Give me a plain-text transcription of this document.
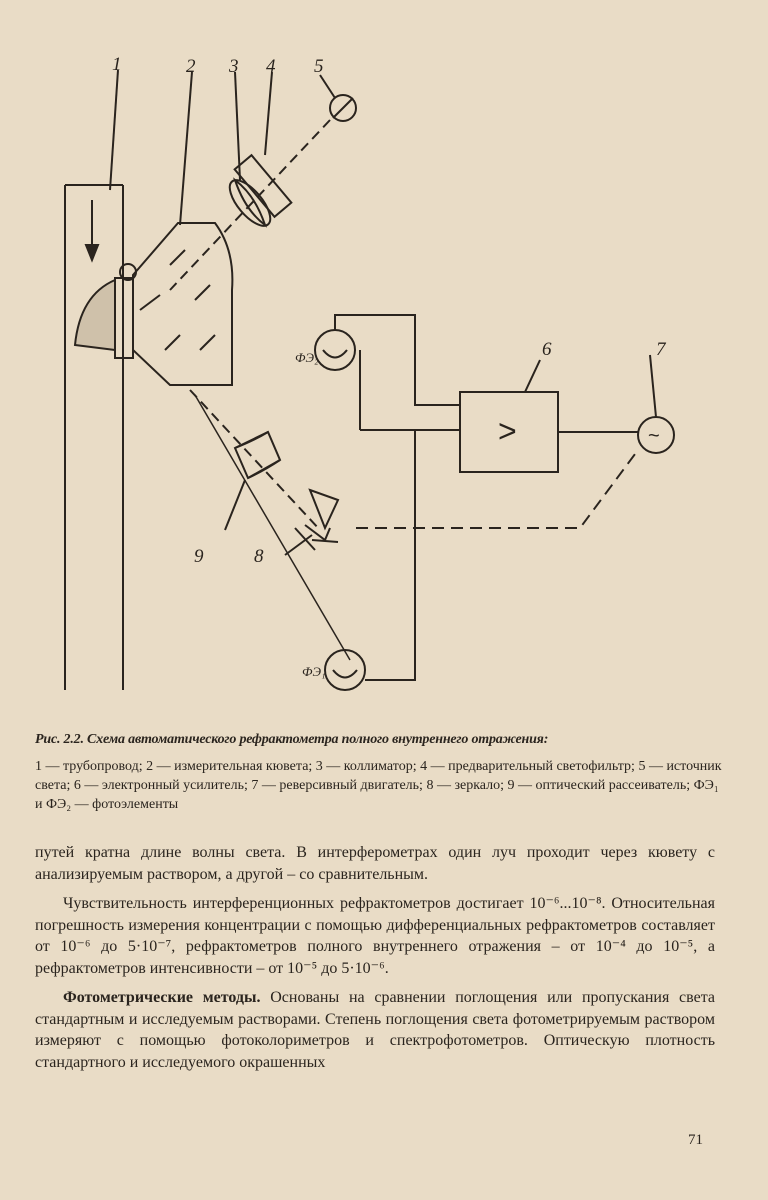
1	2 3 4 5
6	7
8
9
ФЭ₂
ФЭ₁
>	~
Рис. 2.2. Схема автоматического рефрактометра полного внутреннего отражения:
1 — трубопровод; 2 — измерительная кювета; 3 — коллиматор; 4 — предварительный светофильтр; 5 — источник света; 6 — электронный усилитель; 7 — реверсивный двигатель; 8 — зеркало; 9 — оптический рассеиватель; ФЭ₁ и ФЭ₂ — фотоэлементы

путей кратна длине волны света. В интерферометрах один луч проходит через кювету с анализируемым раствором, а другой – со сравнительным.

Чувствительность интерференционных рефрактометров достигает 10⁻⁶...10⁻⁸. Относительная погрешность измерения концентрации с помощью дифференциальных рефрактометров составляет от 10⁻⁶ до 5·10⁻⁷, рефрактометров полного внутреннего отражения – от 10⁻⁴ до 10⁻⁵, а рефрактометров интенсивности – от 10⁻⁵ до 5·10⁻⁶.

Фотометрические методы. Основаны на сравнении поглощения или пропускания света стандартным и исследуемым растворами. Степень поглощения света фотометрируемым раствором измеряют с помощью фотоколориметров и спектрофотометров. Оптическую плотность стандартного и исследуемого окрашенных

71
